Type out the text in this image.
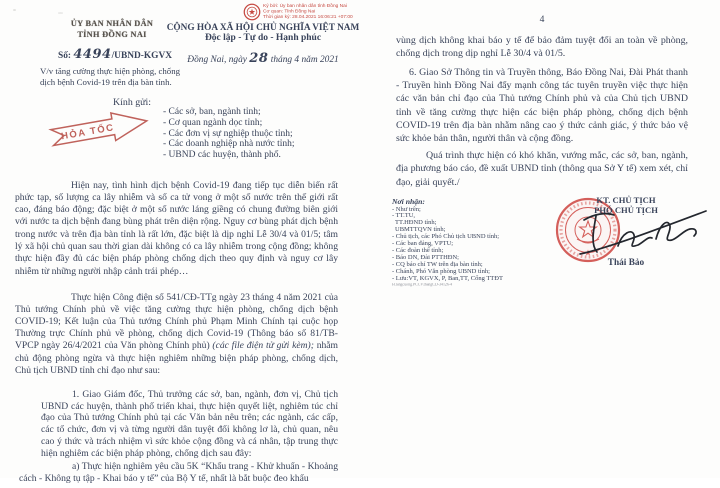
ỦY BAN NHÂN DÂN
TỈNH ĐỒNG NAI
Số: 4494/UBND-KGVX
V/v tăng cường thực hiện phòng, chống dịch bệnh Covid-19 trên địa bàn tỉnh.
CỘNG HÒA XÃ HỘI CHỦ NGHĨA VIỆT NAM
Độc lập - Tự do - Hạnh phúc
Đồng Nai, ngày 28 tháng 4 năm 2021
Ký bởi: Ủy ban nhân dân tỉnh Đồng Nai
Cơ quan: Tỉnh Đồng Nai
Thời gian ký: 28.04.2021 16:06:21 +07:00
Kính gửi:
- Các sở, ban, ngành tỉnh;
- Cơ quan ngành dọc tỉnh;
- Các đơn vị sự nghiệp thuộc tỉnh;
- Các doanh nghiệp nhà nước tỉnh;
- UBND các huyện, thành phố.
HỎA TỐC

Hiện nay, tình hình dịch bệnh Covid-19 đang tiếp tục diễn biến rất phức tạp, số lượng ca lây nhiễm và số ca tử vong ở một số nước trên thế giới rất cao, đáng báo động; đặc biệt ở một số nước láng giềng có chung đường biên giới với nước ta dịch bệnh đang bùng phát trên diện rộng. Nguy cơ bùng phát dịch bệnh trong nước và trên địa bàn tỉnh là rất lớn, đặc biệt là dịp nghỉ Lễ 30/4 và 01/5; tâm lý xã hội chủ quan sau thời gian dài không có ca lây nhiễm trong cộng đồng; không thực hiện đầy đủ các biện pháp phòng chống dịch theo quy định và nguy cơ lây nhiễm từ những người nhập cảnh trái phép…

Thực hiện Công điện số 541/CĐ-TTg ngày 23 tháng 4 năm 2021 của Thủ tướng Chính phủ về việc tăng cường thực hiện phòng, chống dịch bệnh COVID-19; Kết luận của Thủ tướng Chính phủ Phạm Minh Chính tại cuộc họp Thường trực Chính phủ về phòng, chống dịch Covid-19 (Thông báo số 81/TB-VPCP ngày 26/4/2021 của Văn phòng Chính phủ) (các file điện tử gửi kèm); nhằm chủ động phòng ngừa và thực hiện nghiêm những biện pháp phòng, chống dịch, Chủ tịch UBND tỉnh chỉ đạo như sau:

1. Giao Giám đốc, Thủ trưởng các sở, ban, ngành, đơn vị, Chủ tịch UBND các huyện, thành phố triển khai, thực hiện quyết liệt, nghiêm túc chỉ đạo của Thủ tướng Chính phủ tại các Văn bản nêu trên; các ngành, các cấp, các tổ chức, đơn vị và từng người dân tuyệt đối không lơ là, chủ quan, nêu cao ý thức và trách nhiệm vì sức khỏe cộng đồng và cá nhân, tập trung thực hiện nghiêm các biện pháp phòng, chống dịch sau đây:

a) Thực hiện nghiêm yêu cầu 5K “Khẩu trang - Khử khuẩn - Khoảng cách - Không tụ tập - Khai báo y tế” của Bộ Y tế, nhất là bắt buộc đeo khẩu

4

vùng dịch không khai báo y tế để bảo đảm tuyệt đối an toàn về phòng, chống dịch trong dịp nghỉ Lễ 30/4 và 01/5.

6. Giao Sở Thông tin và Truyền thông, Báo Đồng Nai, Đài Phát thanh - Truyền hình Đồng Nai đẩy mạnh công tác tuyên truyền việc thực hiện các văn bản chỉ đạo của Thủ tướng Chính phủ và của Chủ tịch UBND tỉnh về tăng cường thực hiện các biện pháp phòng, chống dịch bệnh COVID-19 trên địa bàn nhằm nâng cao ý thức cảnh giác, ý thức bảo vệ sức khỏe bản thân, người thân và cộng đồng.

Quá trình thực hiện có khó khăn, vướng mắc, các sở, ban, ngành, địa phương báo cáo, đề xuất UBND tỉnh (thông qua Sở Y tế) xem xét, chỉ đạo, giải quyết./

Nơi nhận:
- Như trên;
- TT.TU,
TT.HĐND tỉnh;
UBMTTQVN tỉnh;
- Chủ tịch, các Phó Chủ tịch UBND tỉnh;
- Các ban đảng, VPTU;
- Các đoàn thể tỉnh;
- Báo DN, Đài PTTHĐN;
- CQ báo chí TW trên địa bàn tỉnh;
- Chánh, Phó Văn phòng UBND tỉnh;
- Lưu:VT, KGVX, P, Ban,TT, Cổng TTĐT
H.tangcuong.PCCV.thangCD-34126-4
KT. CHỦ TỊCH
PHÓ CHỦ TỊCH
Thái Bảo
